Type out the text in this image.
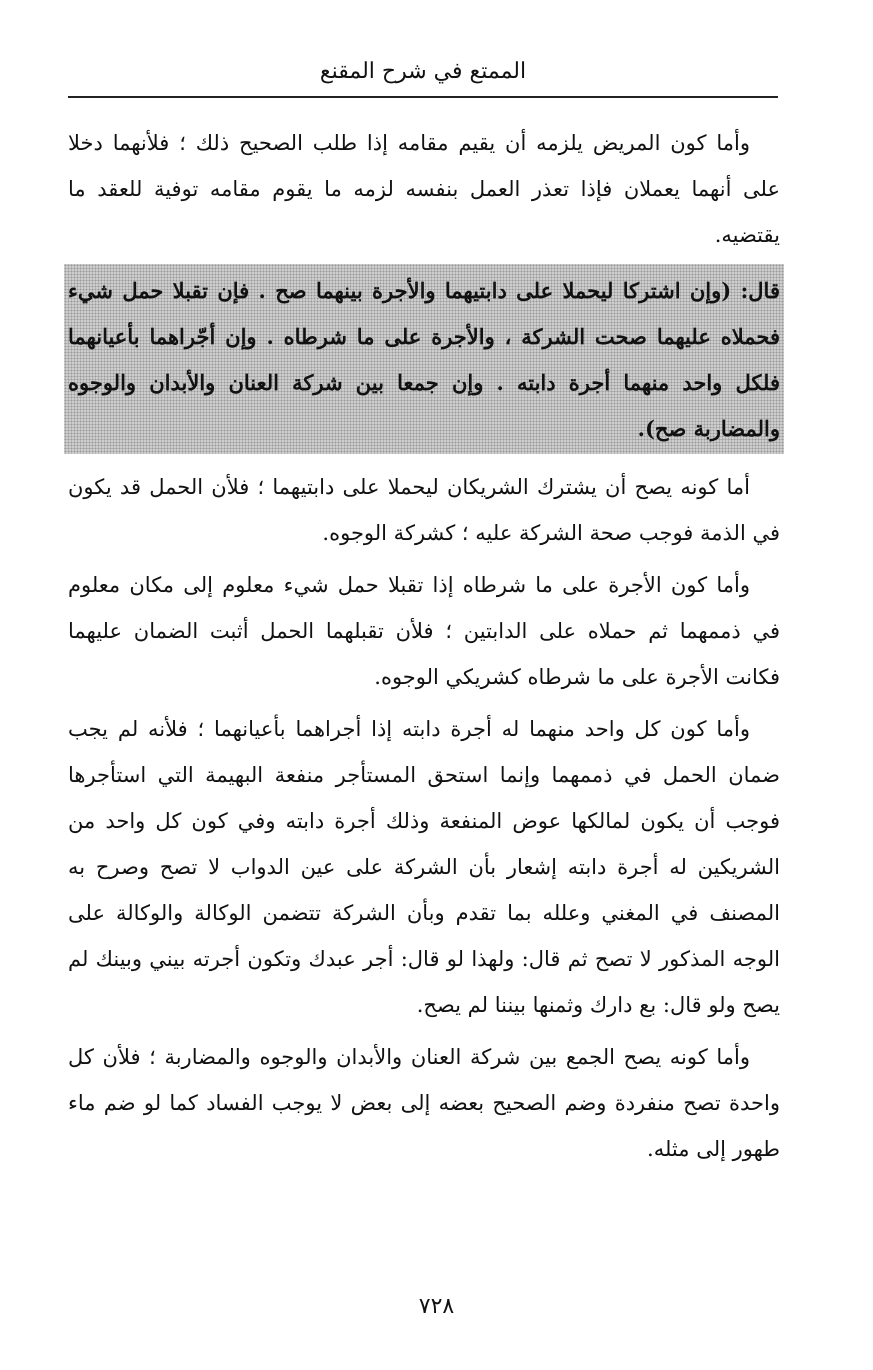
الممتع في شرح المقنع

وأما كون المريض يلزمه أن يقيم مقامه إذا طلب الصحيح ذلك ؛ فلأنهما دخلا على أنهما يعملان فإذا تعذر العمل بنفسه لزمه ما يقوم مقامه توفية للعقد ما يقتضيه.

قال: (وإن اشتركا ليحملا على دابتيهما والأجرة بينهما صح . فإن تقبلا حمل شيء فحملاه عليهما صحت الشركة ، والأجرة على ما شرطاه . وإن أجّراهما بأعيانهما فلكل واحد منهما أجرة دابته . وإن جمعا بين شركة العنان والأبدان والوجوه والمضاربة صح).

أما كونه يصح أن يشترك الشريكان ليحملا على دابتيهما ؛ فلأن الحمل قد يكون في الذمة فوجب صحة الشركة عليه ؛ كشركة الوجوه.

وأما كون الأجرة على ما شرطاه إذا تقبلا حمل شيء معلوم إلى مكان معلوم في ذممهما ثم حملاه على الدابتين ؛ فلأن تقبلهما الحمل أثبت الضمان عليهما فكانت الأجرة على ما شرطاه كشريكي الوجوه.

وأما كون كل واحد منهما له أجرة دابته إذا أجراهما بأعيانهما ؛ فلأنه لم يجب ضمان الحمل في ذممهما وإنما استحق المستأجر منفعة البهيمة التي استأجرها فوجب أن يكون لمالكها عوض المنفعة وذلك أجرة دابته وفي كون كل واحد من الشريكين له أجرة دابته إشعار بأن الشركة على عين الدواب لا تصح وصرح به المصنف في المغني وعلله بما تقدم وبأن الشركة تتضمن الوكالة والوكالة على الوجه المذكور لا تصح ثم قال: ولهذا لو قال: أجر عبدك وتكون أجرته بيني وبينك لم يصح ولو قال: بع دارك وثمنها بيننا لم يصح.

وأما كونه يصح الجمع بين شركة العنان والأبدان والوجوه والمضاربة ؛ فلأن كل واحدة تصح منفردة وضم الصحيح بعضه إلى بعض لا يوجب الفساد كما لو ضم ماء طهور إلى مثله.

٧٢٨
